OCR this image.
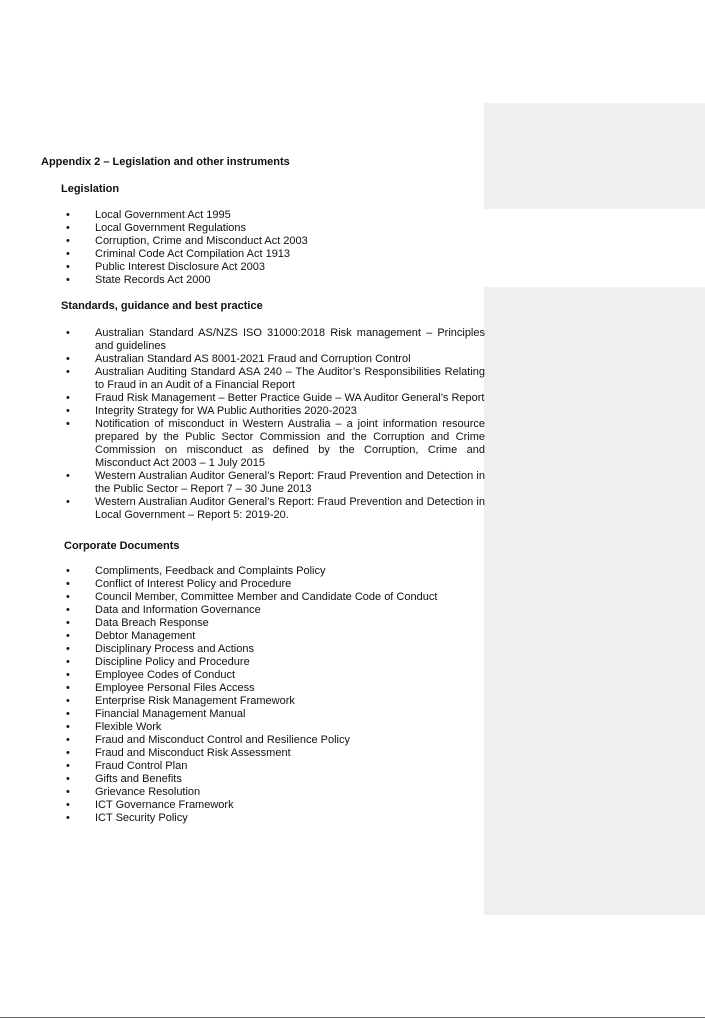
Appendix 2 – Legislation and other instruments
Legislation
• Local Government Act 1995
• Local Government Regulations
• Corruption, Crime and Misconduct Act 2003
• Criminal Code Act Compilation Act 1913
• Public Interest Disclosure Act 2003
• State Records Act 2000
Standards, guidance and best practice
• Australian Standard AS/NZS ISO 31000:2018 Risk management – Principles and guidelines
• Australian Standard AS 8001-2021 Fraud and Corruption Control
• Australian Auditing Standard ASA 240 – The Auditor’s Responsibilities Relating to Fraud in an Audit of a Financial Report
• Fraud Risk Management – Better Practice Guide – WA Auditor General’s Report
• Integrity Strategy for WA Public Authorities 2020-2023
• Notification of misconduct in Western Australia – a joint information resource prepared by the Public Sector Commission and the Corruption and Crime Commission on misconduct as defined by the Corruption, Crime and Misconduct Act 2003 – 1 July 2015
• Western Australian Auditor General’s Report: Fraud Prevention and Detection in the Public Sector – Report 7 – 30 June 2013
• Western Australian Auditor General’s Report: Fraud Prevention and Detection in Local Government – Report 5: 2019-20.
Corporate Documents
• Compliments, Feedback and Complaints Policy
• Conflict of Interest Policy and Procedure
• Council Member, Committee Member and Candidate Code of Conduct
• Data and Information Governance
• Data Breach Response
• Debtor Management
• Disciplinary Process and Actions
• Discipline Policy and Procedure
• Employee Codes of Conduct
• Employee Personal Files Access
• Enterprise Risk Management Framework
• Financial Management Manual
• Flexible Work
• Fraud and Misconduct Control and Resilience Policy
• Fraud and Misconduct Risk Assessment
• Fraud Control Plan
• Gifts and Benefits
• Grievance Resolution
• ICT Governance Framework
• ICT Security Policy
